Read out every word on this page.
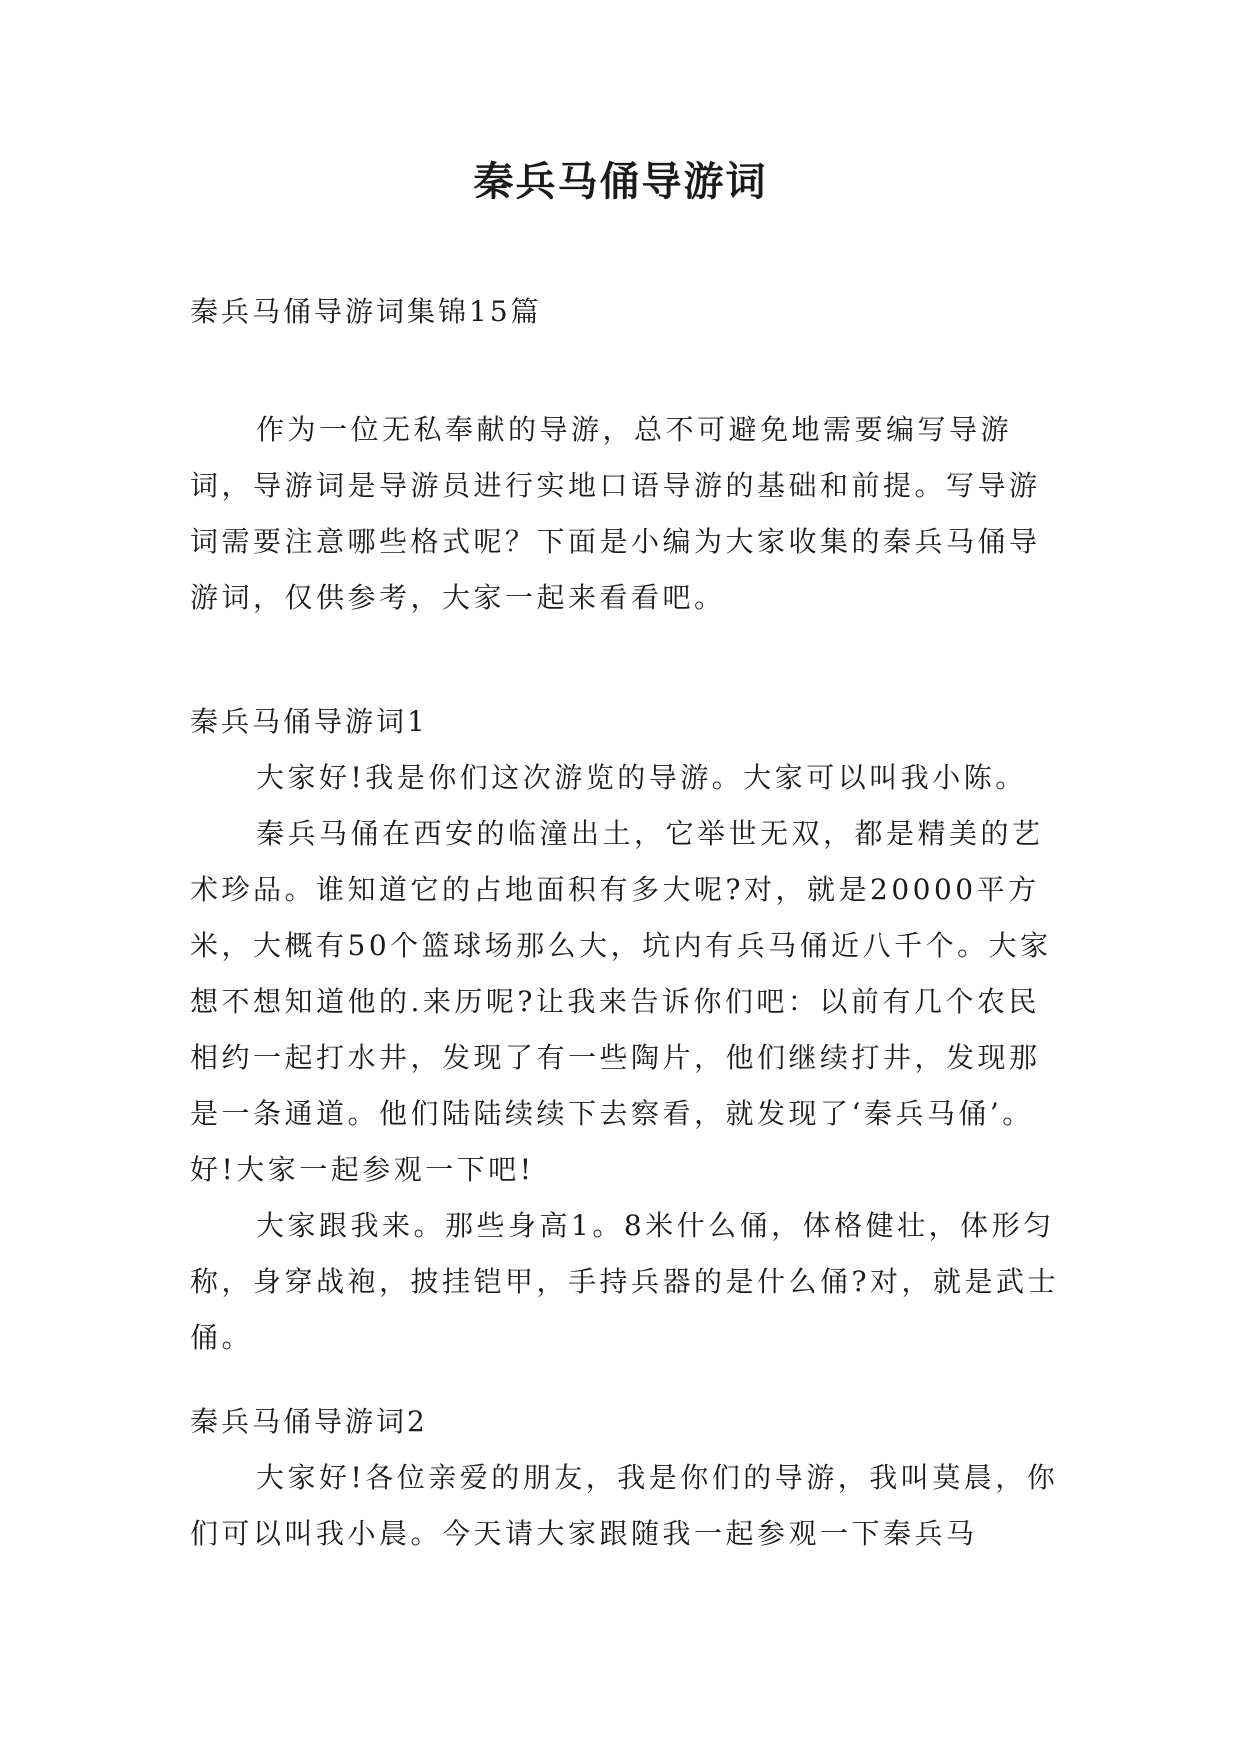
秦兵马俑导游词
秦兵马俑导游词集锦15篇

作为一位无私奉献的导游，总不可避免地需要编写导游词，导游词是导游员进行实地口语导游的基础和前提。写导游词需要注意哪些格式呢？下面是小编为大家收集的秦兵马俑导游词，仅供参考，大家一起来看看吧。

秦兵马俑导游词1

大家好!我是你们这次游览的导游。大家可以叫我小陈。

秦兵马俑在西安的临潼出土，它举世无双，都是精美的艺术珍品。谁知道它的占地面积有多大呢?对，就是20000平方米，大概有50个篮球场那么大，坑内有兵马俑近八千个。大家想不想知道他的.来历呢?让我来告诉你们吧：以前有几个农民相约一起打水井，发现了有一些陶片，他们继续打井，发现那是一条通道。他们陆陆续续下去察看，就发现了‘秦兵马俑’。好!大家一起参观一下吧!

大家跟我来。那些身高1。8米什么俑，体格健壮，体形匀称，身穿战袍，披挂铠甲，手持兵器的是什么俑?对，就是武士俑。

秦兵马俑导游词2

大家好!各位亲爱的朋友，我是你们的导游，我叫莫晨，你们可以叫我小晨。今天请大家跟随我一起参观一下秦兵马
